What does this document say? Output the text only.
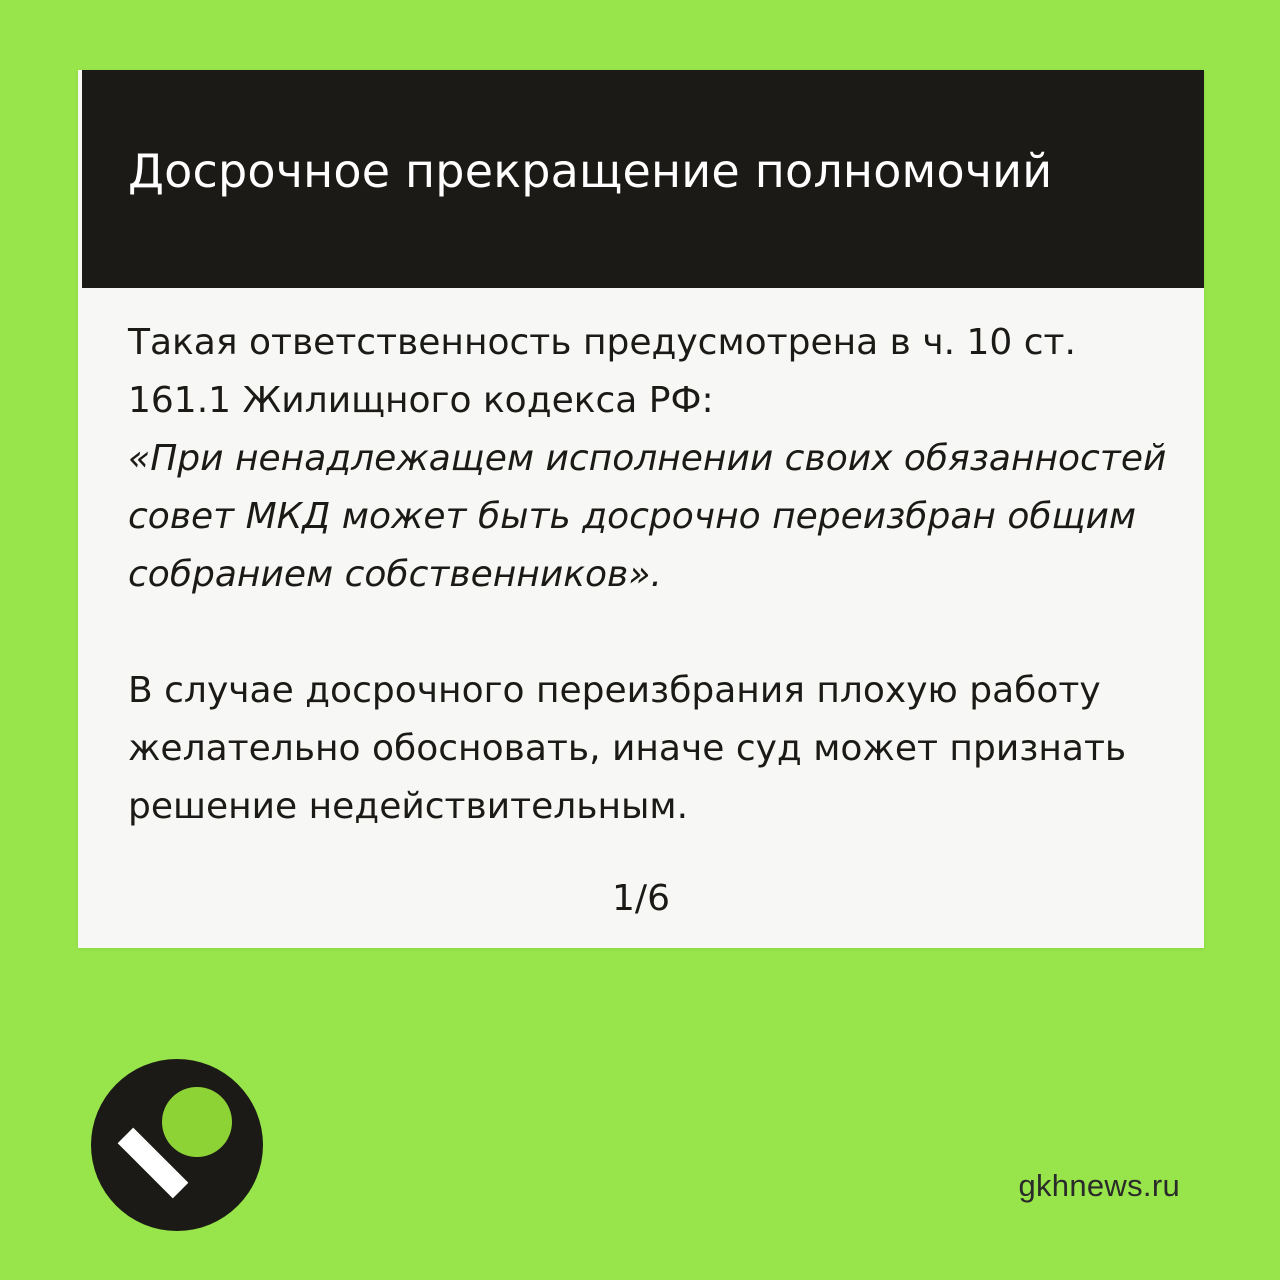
Досрочное прекращение полномочий

Такая ответственность предусмотрена в ч. 10 ст. 161.1 Жилищного кодекса РФ:

«При ненадлежащем исполнении своих обязанностей совет МКД может быть досрочно переизбран общим собранием собственников».

В случае досрочного переизбрания плохую работу желательно обосновать, иначе суд может признать решение недействительным.

1/6
gkhnews.ru
